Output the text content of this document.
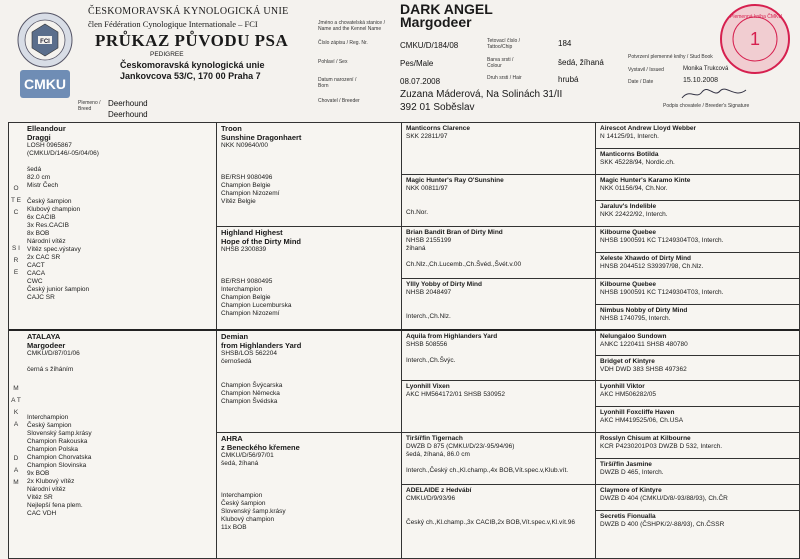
FCI
CMKU
ČESKOMORAVSKÁ KYNOLOGICKÁ UNIE
člen Fédération Cynologique Internationale – FCI
PRŮKAZ PŮVODU PSA
PEDIGREE
Českomoravská kynologická unie
Jankovcova 53/C, 170 00 Praha 7
Plemeno / Breed
Deerhound
Deerhound
Jméno a chovatelská stanice / Name and the Kennel Name
DARK ANGEL
Margodeer
Číslo zápisu / Reg. Nr.	CMKU/D/184/08	Tetovací číslo / Tattoo/Chip	184
Pohlaví / Sex	Pes/Male	Barva srsti / Colour	šedá, žíhaná
Datum narození / Born	08.07.2008	Druh srsti / Hair	hrubá
Chovatel / Breeder
Zuzana Máderová, Na Solinách 31/II
392 01 Soběslav
Potvrzení plemenné knihy / Stud Book
Vystavil / Issued	Monika Trukcová
Date / Date	15.10.2008
Podpis chovatele / Breeder's Signature
1
Plemenná kniha ČMKU
O T E C
S I R E
M A T K A
D A M
Elleandour
Draggi
LOSH 0965867
(CMKU/D/146/-05/04/06)

šedá
82.0 cm
Mistr Čech

Český šampion
Klubový champion
6x CACIB
3x Res.CACIB
8x BOB
Národní vítěz
Vítěz spec.výstavy
2x CAC SR
CACT
CACA
CWC
Český junior šampion
CAJC SR
ATALAYA
Margodeer
CMKU/D/87/01/06

černá s žíháním

Interchampion
Český šampion
Slovenský šamp.krásy
Champion Rakouska
Champion Polska
Champion Chorvatska
Champion Slovinska
9x BOB
2x Klubový vítěz
Národní vítěz
Vítěz SR
Nejlepší fena plem.
CAC VDH
Troon
Sunshine Dragonhaert
NKK N09640/00

BE/RSH 9080496
Champion Belgie
Champion Nizozemí
Vítěz Belgie
Highland Highest
Hope of the Dirty Mind
NHSB 2300839

BE/RSH 9080495
Interchampion
Champion Belgie
Champion Lucemburska
Champion Nizozemí
Demian
from Highlanders Yard
SHSB/LOS 562204
černošedá

Champion Švýcarska
Champion Německa
Champion Švédska
AHRA
z Beneckého křemene
CMKU/D/56/97/01
šedá, žíhaná

Interchampion
Český šampion
Slovenský šamp.krásy
Klubový champion
11x BOB
Manticorns Clarence
SKK 22811/97
Magic Hunter's Ray O'Sunshine
NKK 00811/97

Ch.Nor.
Brian Bandit Bran of Dirty Mind
NHSB 2155199
žíhaná

Ch.Nlz.,Ch.Lucemb.,Ch.Švéd.,Švét.v.00
Yllly Yobby of Dirty Mind
NHSB 2048497

Interch.,Ch.Nlz.
Aquila from Highlanders Yard
SHSB 508556

Interch.,Ch.Švýc.
Lyonhill Vixen
AKC HM564172/01 SHSB 530952
Tiršířfin Tigernach
DWZB D 875 (CMKU/D/23/-95/94/96)
šedá, žíhaná, 86.0 cm

Interch.,Český ch.,Kl.champ.,4x BOB,Vít.spec.v,Klub.vít.
ADELAIDE z Hedvábí
CMKU/D/9/93/96

Český ch.,Kl.champ.,3x CACIB,2x BOB,Vít.spec.v,Kl.vít.96
Airescot Andrew Lloyd Webber
N 14125/91, Interch.
Manticorns Botilda
SKK 45228/94, Nordic.ch.
Magic Hunter's Karamo Kinte
NKK 01156/94, Ch.Nor.
Jaraluv's Indelible
NKK 22422/92, Interch.
Kilbourne Quebee
NHSB 1900591 KC T1249304T03, Interch.
Xeleste Xhawdo of Dirty Mind
HNSB 2044512 S39397/98, Ch.Nlz.
Kilbourne Quebee
NHSB 1900591 KC T1249304T03, Interch.
Nimbus Nobby of Dirty Mind
NHSB 1740795, Interch.
Nelungaloo Sundown
ANKC 1220411 SHSB 480780
Bridget of Kintyre
VDH DWD 383 SHSB 497362
Lyonhill Viktor
AKC HM506282/05
Lyonhill Foxcliffe Haven
AKC HM419525/06, Ch.USA
Rosslyn Chisum at Kilbourne
KCR P4230201P03 DWZB D 532, Interch.
Tiršířfin Jasmine
DWZB D 465, Interch.
Claymore of Kintyre
DWZB D 404 (CMKU/D/8/-93/88/93), Ch.ČR
Secretis Fionualla
DWZB D 400 (ČSHPK/2/-88/93), Ch.ČSSR
